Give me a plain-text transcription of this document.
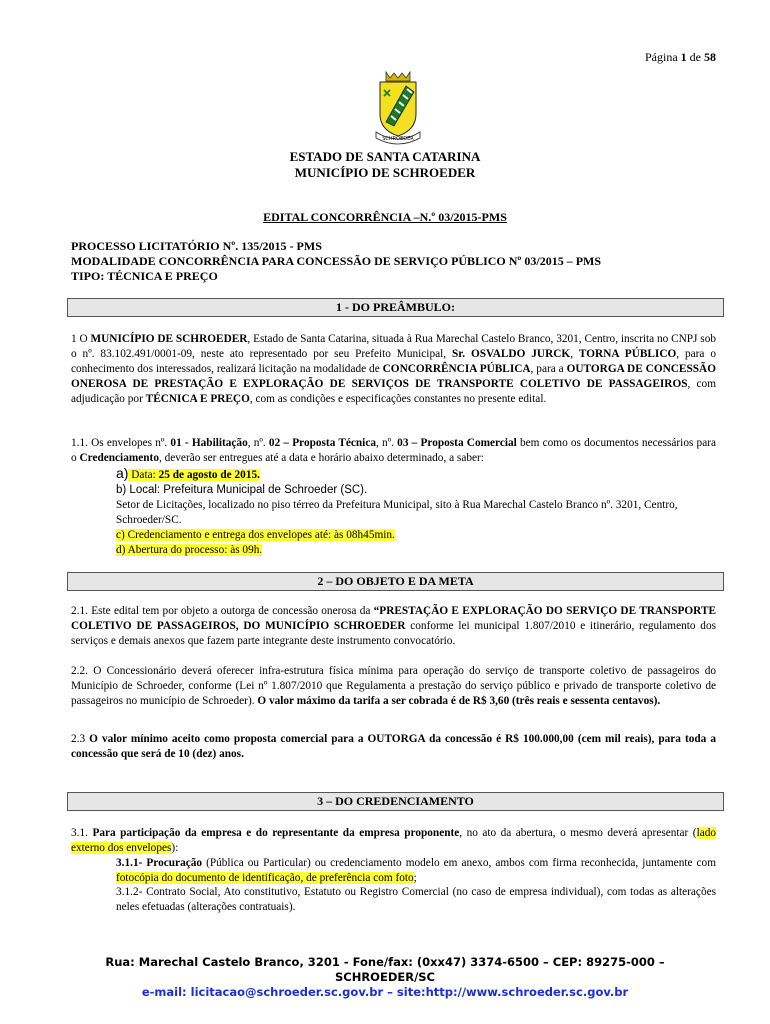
Página 1 de 58
SCHROEDER
ESTADO DE SANTA CATARINA
MUNICÍPIO DE SCHROEDER
EDITAL CONCORRÊNCIA –N.º 03/2015-PMS
PROCESSO LICITATÓRIO Nº. 135/2015 - PMS
MODALIDADE CONCORRÊNCIA PARA CONCESSÃO DE SERVIÇO PÚBLICO Nº 03/2015 – PMS
TIPO: TÉCNICA E PREÇO
1 - DO PREÂMBULO:
1 O MUNICÍPIO DE SCHROEDER, Estado de Santa Catarina, situada à Rua Marechal Castelo Branco, 3201, Centro, inscrita no CNPJ sob o nº. 83.102.491/0001-09, neste ato representado por seu Prefeito Municipal, Sr. OSVALDO JURCK, TORNA PÚBLICO, para o conhecimento dos interessados, realizará licitação na modalidade de CONCORRÊNCIA PÚBLICA, para a OUTORGA DE CONCESSÃO ONEROSA DE PRESTAÇÃO E EXPLORAÇÃO DE SERVIÇOS DE TRANSPORTE COLETIVO DE PASSAGEIROS, com adjudicação por TÉCNICA E PREÇO, com as condições e especificações constantes no presente edital.
1.1. Os envelopes nº. 01 - Habilitação, nº. 02 – Proposta Técnica, nº. 03 – Proposta Comercial bem como os documentos necessários para o Credenciamento, deverão ser entregues até a data e horário abaixo determinado, a saber:
a) Data: 25 de agosto de 2015.
b) Local: Prefeitura Municipal de Schroeder (SC).
Setor de Licitações, localizado no piso térreo da Prefeitura Municipal, sito à Rua Marechal Castelo Branco nº. 3201, Centro, Schroeder/SC.
c) Credenciamento e entrega dos envelopes até: às 08h45min.
d) Abertura do processo: às 09h.
2 – DO OBJETO E DA META
2.1. Este edital tem por objeto a outorga de concessão onerosa da “PRESTAÇÃO E EXPLORAÇÃO DO SERVIÇO DE TRANSPORTE COLETIVO DE PASSAGEIROS, DO MUNICÍPIO SCHROEDER conforme lei municipal 1.807/2010 e itinerário, regulamento dos serviços e demais anexos que fazem parte integrante deste instrumento convocatório.
2.2. O Concessionário deverá oferecer infra-estrutura física mínima para operação do serviço de transporte coletivo de passageiros do Município de Schroeder, conforme (Lei nº 1.807/2010 que Regulamenta a prestação do serviço público e privado de transporte coletivo de passageiros no município de Schroeder). O valor máximo da tarifa a ser cobrada é de R$ 3,60 (três reais e sessenta centavos).
2.3 O valor mínimo aceito como proposta comercial para a OUTORGA da concessão é R$ 100.000,00 (cem mil reais), para toda a concessão que será de 10 (dez) anos.
3 – DO CREDENCIAMENTO
3.1. Para participação da empresa e do representante da empresa proponente, no ato da abertura, o mesmo deverá apresentar (lado externo dos envelopes):
3.1.1- Procuração (Pública ou Particular) ou credenciamento modelo em anexo, ambos com firma reconhecida, juntamente com fotocópia do documento de identificação, de preferência com foto;
3.1.2- Contrato Social, Ato constitutivo, Estatuto ou Registro Comercial (no caso de empresa individual), com todas as alterações neles efetuadas (alterações contratuais).
Rua: Marechal Castelo Branco, 3201 - Fone/fax: (0xx47) 3374-6500 – CEP: 89275-000 –
SCHROEDER/SC
e-mail: licitacao@schroeder.sc.gov.br – site:http://www.schroeder.sc.gov.br
